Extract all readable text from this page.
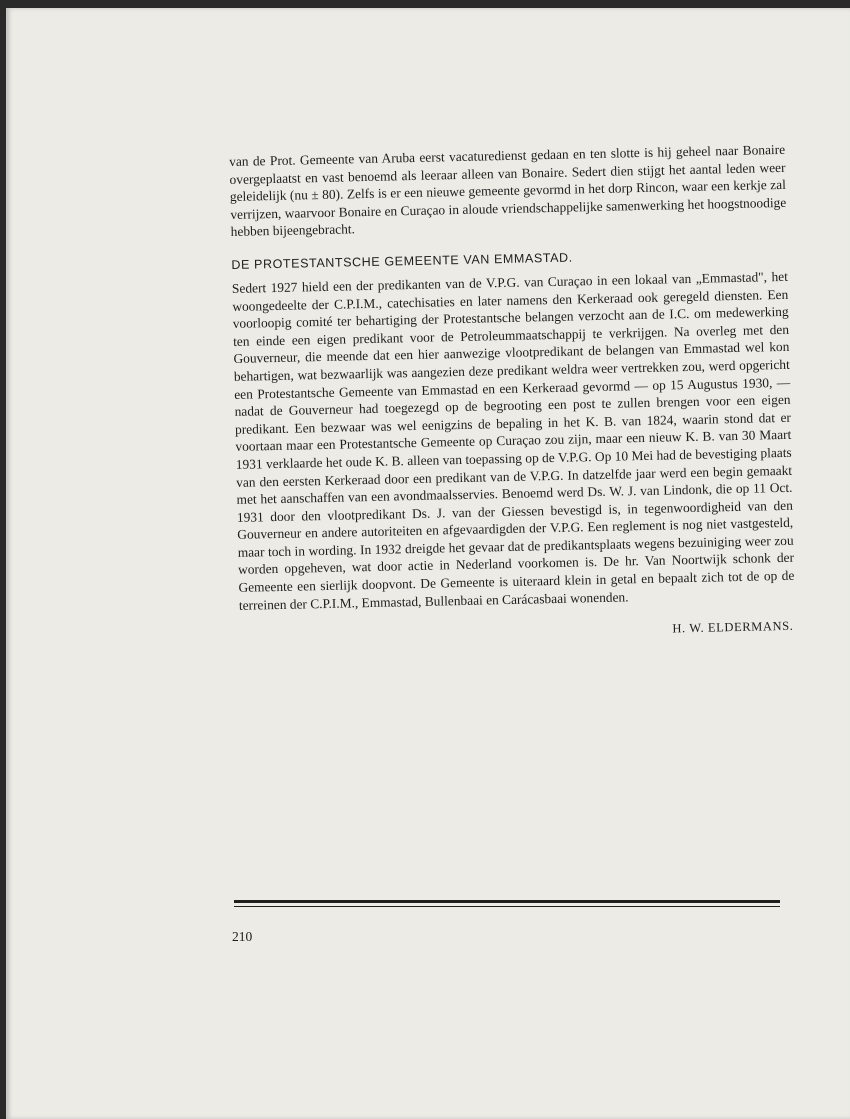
van de Prot. Gemeente van Aruba eerst vacaturedienst gedaan en ten slotte is hij geheel naar Bonaire overgeplaatst en vast benoemd als leeraar alleen van Bonaire. Sedert dien stijgt het aantal leden weer geleidelijk (nu ± 80). Zelfs is er een nieuwe gemeente gevormd in het dorp Rincon, waar een kerkje zal verrijzen, waarvoor Bonaire en Curaçao in aloude vriendschappelijke samenwerking het hoogstnoodige hebben bijeengebracht.

DE PROTESTANTSCHE GEMEENTE VAN EMMASTAD.

Sedert 1927 hield een der predikanten van de V.P.G. van Curaçao in een lokaal van „Emmastad", het woongedeelte der C.P.I.M., catechisaties en later namens den Kerkeraad ook geregeld diensten. Een voorloopig comité ter behartiging der Protestantsche belangen verzocht aan de I.C. om medewerking ten einde een eigen predikant voor de Petroleummaatschappij te verkrijgen. Na overleg met den Gouverneur, die meende dat een hier aanwezige vlootpredikant de belangen van Emmastad wel kon behartigen, wat bezwaarlijk was aangezien deze predikant weldra weer vertrekken zou, werd opgericht een Protestantsche Gemeente van Emmastad en een Kerkeraad gevormd — op 15 Augustus 1930, — nadat de Gouverneur had toegezegd op de begrooting een post te zullen brengen voor een eigen predikant. Een bezwaar was wel eenigzins de bepaling in het K. B. van 1824, waarin stond dat er voortaan maar een Protestantsche Gemeente op Curaçao zou zijn, maar een nieuw K. B. van 30 Maart 1931 verklaarde het oude K. B. alleen van toepassing op de V.P.G. Op 10 Mei had de bevestiging plaats van den eersten Kerkeraad door een predikant van de V.P.G. In datzelfde jaar werd een begin gemaakt met het aanschaffen van een avondmaalsservies. Benoemd werd Ds. W. J. van Lindonk, die op 11 Oct. 1931 door den vlootpredikant Ds. J. van der Giessen bevestigd is, in tegenwoordigheid van den Gouverneur en andere autoriteiten en afgevaardigden der V.P.G. Een reglement is nog niet vastgesteld, maar toch in wording. In 1932 dreigde het gevaar dat de predikantsplaats wegens bezuiniging weer zou worden opgeheven, wat door actie in Nederland voorkomen is. De hr. Van Noortwijk schonk der Gemeente een sierlijk doopvont. De Gemeente is uiteraard klein in getal en bepaalt zich tot de op de terreinen der C.P.I.M., Emmastad, Bullenbaai en Carácasbaai wonenden.

H. W. ELDERMANS.
210
